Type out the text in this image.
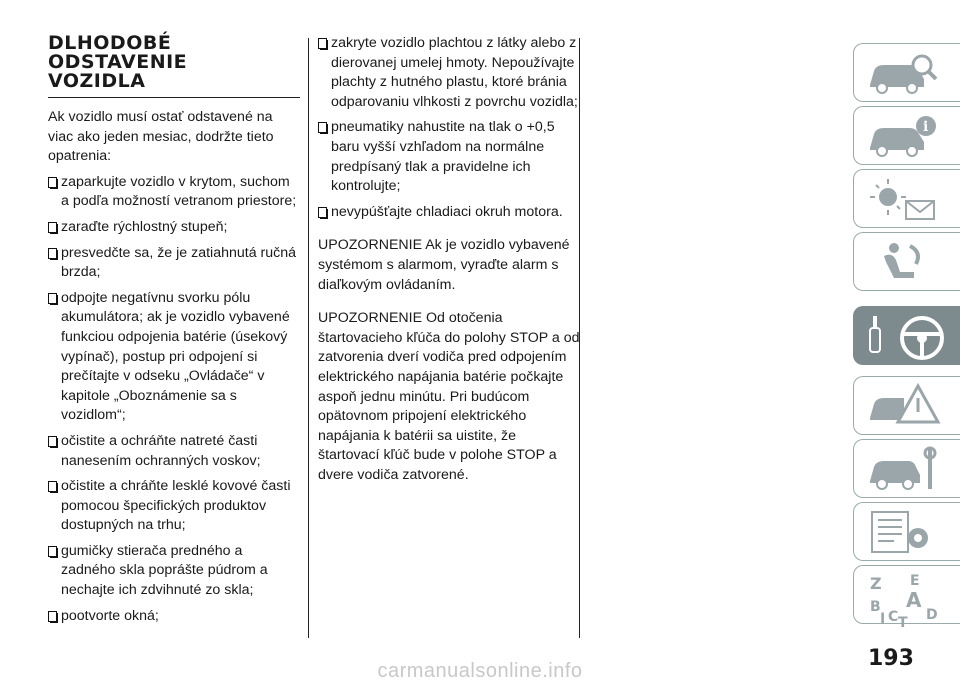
DLHODOBÉ
ODSTAVENIE
VOZIDLA

Ak vozidlo musí ostať odstavené na viac ako jeden mesiac, dodržte tieto opatrenia:

zaparkujte vozidlo v krytom, suchom a podľa možností vetranom priestore;
zaraďte rýchlostný stupeň;
presvedčte sa, že je zatiahnutá ručná brzda;
odpojte negatívnu svorku pólu akumulátora; ak je vozidlo vybavené funkciou odpojenia batérie (úsekový vypínač), postup pri odpojení si prečítajte v odseku „Ovládače“ v kapitole „Oboznámenie sa s vozidlom“;
očistite a ochráňte natreté časti nanesením ochranných voskov;
očistite a chráňte lesklé kovové časti pomocou špecifických produktov dostupných na trhu;
gumičky stierača predného a zadného skla poprášte púdrom a nechajte ich zdvihnuté zo skla;
pootvorte okná;
zakryte vozidlo plachtou z látky alebo z dierovanej umelej hmoty. Nepoužívajte plachty z hutného plastu, ktoré bránia odparovaniu vlhkosti z povrchu vozidla;
pneumatiky nahustite na tlak o +0,5 baru vyšší vzhľadom na normálne predpísaný tlak a pravidelne ich kontrolujte;
nevypúšťajte chladiaci okruh motora.

UPOZORNENIE Ak je vozidlo vybavené systémom s alarmom, vyraďte alarm s diaľkovým ovládaním.

UPOZORNENIE Od otočenia štartovacieho kľúča do polohy STOP a od zatvorenia dverí vodiča pred odpojením elektrického napájania batérie počkajte aspoň jednu minútu. Pri budúcom opätovnom pripojení elektrického napájania k batérii sa uistite, že štartovací kľúč bude v polohe STOP a dvere vodiča zatvorené.

i
Z E
B A
D
I C T
193
carmanualsonline.info
